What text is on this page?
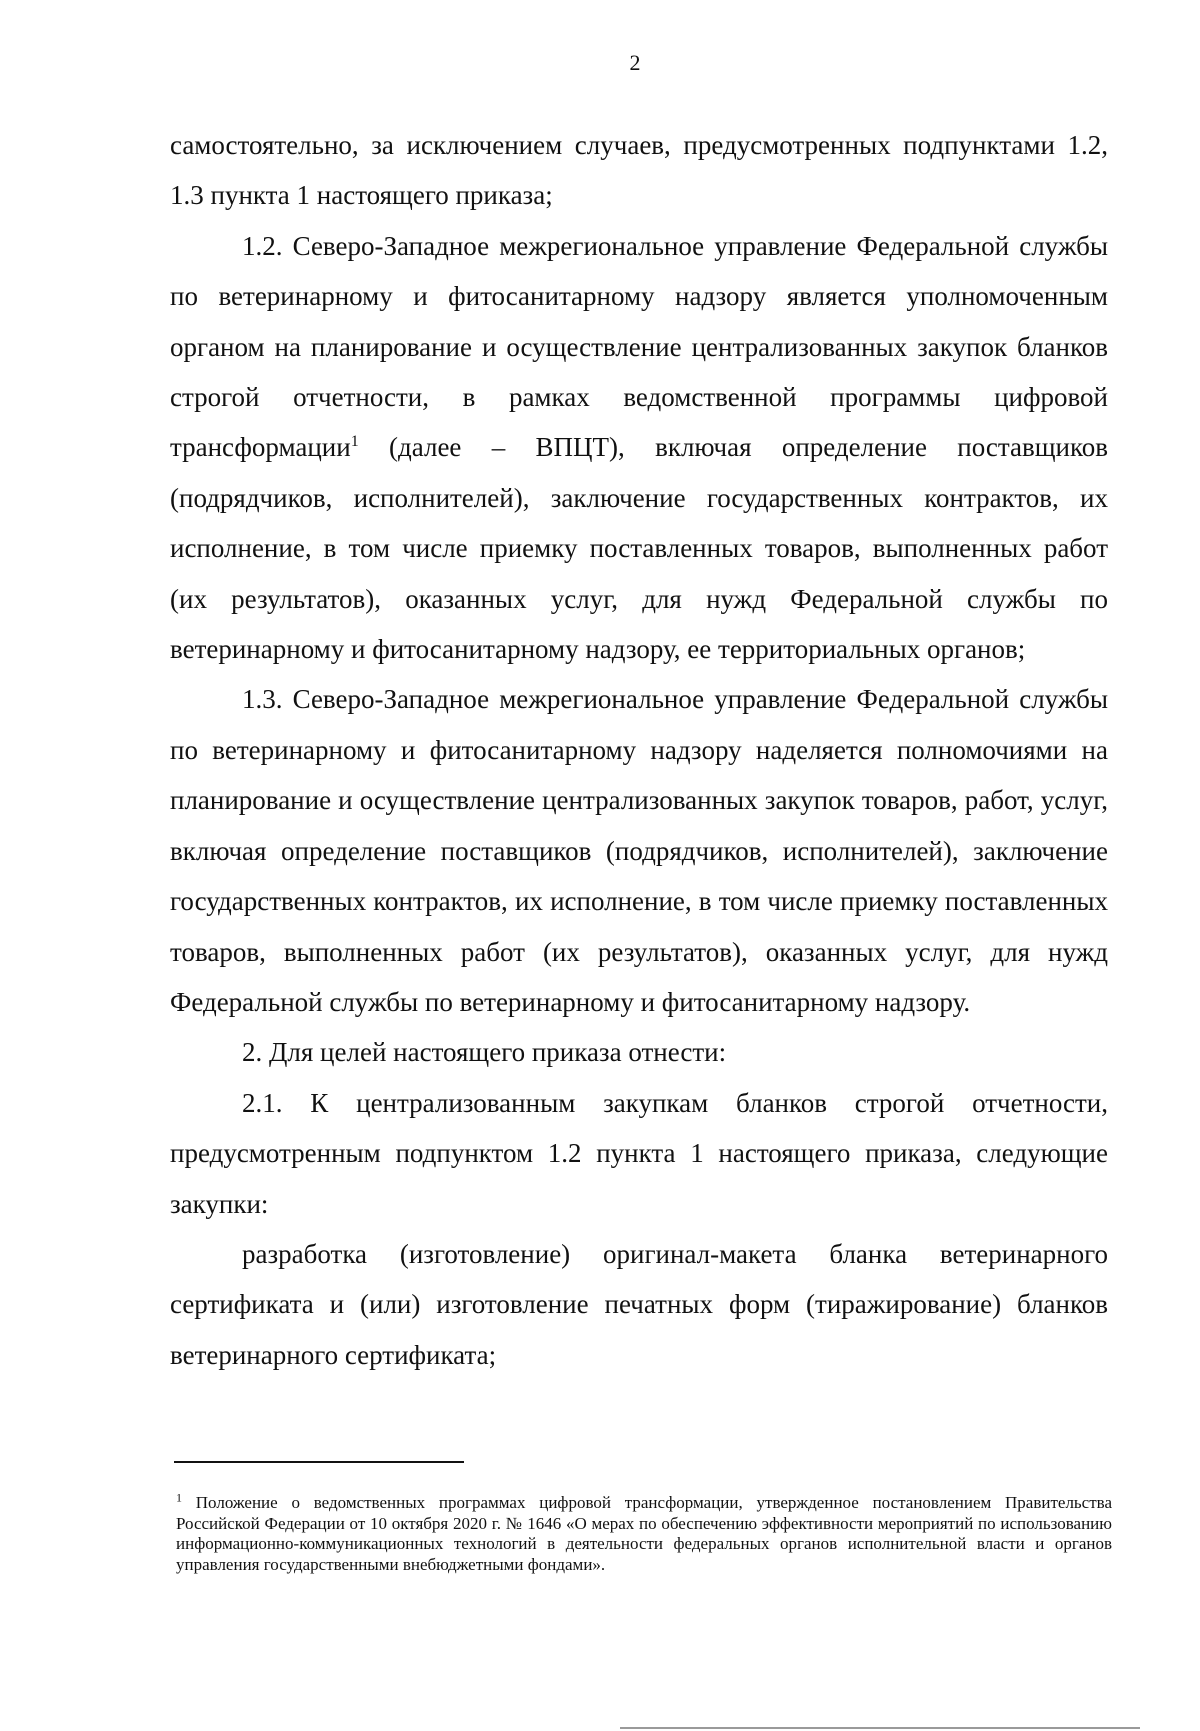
2

самостоятельно, за исключением случаев, предусмотренных подпунктами 1.2, 1.3 пункта 1 настоящего приказа;

1.2. Северо-Западное межрегиональное управление Федеральной службы по ветеринарному и фитосанитарному надзору является уполномоченным органом на планирование и осуществление централизованных закупок бланков строгой отчетности, в рамках ведомственной программы цифровой трансформации$^1$ (далее – ВПЦТ), включая определение поставщиков (подрядчиков, исполнителей), заключение государственных контрактов, их исполнение, в том числе приемку поставленных товаров, выполненных работ (их результатов), оказанных услуг, для нужд Федеральной службы по ветеринарному и фитосанитарному надзору, ее территориальных органов;

1.3. Северо-Западное межрегиональное управление Федеральной службы по ветеринарному и фитосанитарному надзору наделяется полномочиями на планирование и осуществление централизованных закупок товаров, работ, услуг, включая определение поставщиков (подрядчиков, исполнителей), заключение государственных контрактов, их исполнение, в том числе приемку поставленных товаров, выполненных работ (их результатов), оказанных услуг, для нужд Федеральной службы по ветеринарному и фитосанитарному надзору.

2. Для целей настоящего приказа отнести:

2.1. К централизованным закупкам бланков строгой отчетности, предусмотренным подпунктом 1.2 пункта 1 настоящего приказа, следующие закупки:

разработка (изготовление) оригинал-макета бланка ветеринарного сертификата и (или) изготовление печатных форм (тиражирование) бланков ветеринарного сертификата;

$^1$ Положение о ведомственных программах цифровой трансформации, утвержденное постановлением Правительства Российской Федерации от 10 октября 2020 г. № 1646 «О мерах по обеспечению эффективности мероприятий по использованию информационно-коммуникационных технологий в деятельности федеральных органов исполнительной власти и органов управления государственными внебюджетными фондами».
